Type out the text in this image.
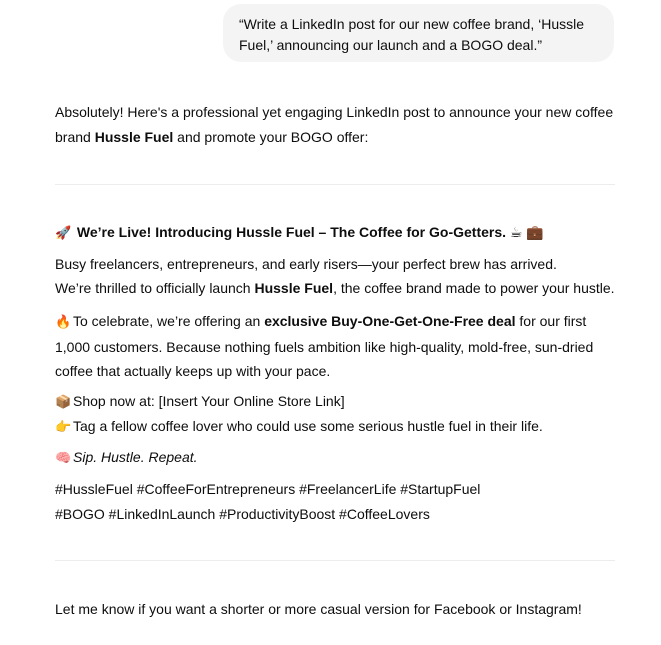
“Write a LinkedIn post for our new coffee brand, ‘Hussle Fuel,’ announcing our launch and a BOGO deal.”

Absolutely! Here's a professional yet engaging LinkedIn post to announce your new coffee brand Hussle Fuel and promote your BOGO offer:

🚀 We’re Live! Introducing Hussle Fuel – The Coffee for Go-Getters. ☕ 💼
Busy freelancers, entrepreneurs, and early risers—your perfect brew has arrived.
We’re thrilled to officially launch Hussle Fuel, the coffee brand made to power your hustle.
🔥 To celebrate, we’re offering an exclusive Buy-One-Get-One-Free deal for our first 1,000 customers. Because nothing fuels ambition like high-quality, mold-free, sun-dried coffee that actually keeps up with your pace.
📦 Shop now at: [Insert Your Online Store Link]
👉 Tag a fellow coffee lover who could use some serious hustle fuel in their life.
🧠 Sip. Hustle. Repeat.
#HussleFuel #CoffeeForEntrepreneurs #FreelancerLife #StartupFuel #BOGO #LinkedInLaunch #ProductivityBoost #CoffeeLovers
Let me know if you want a shorter or more casual version for Facebook or Instagram!
